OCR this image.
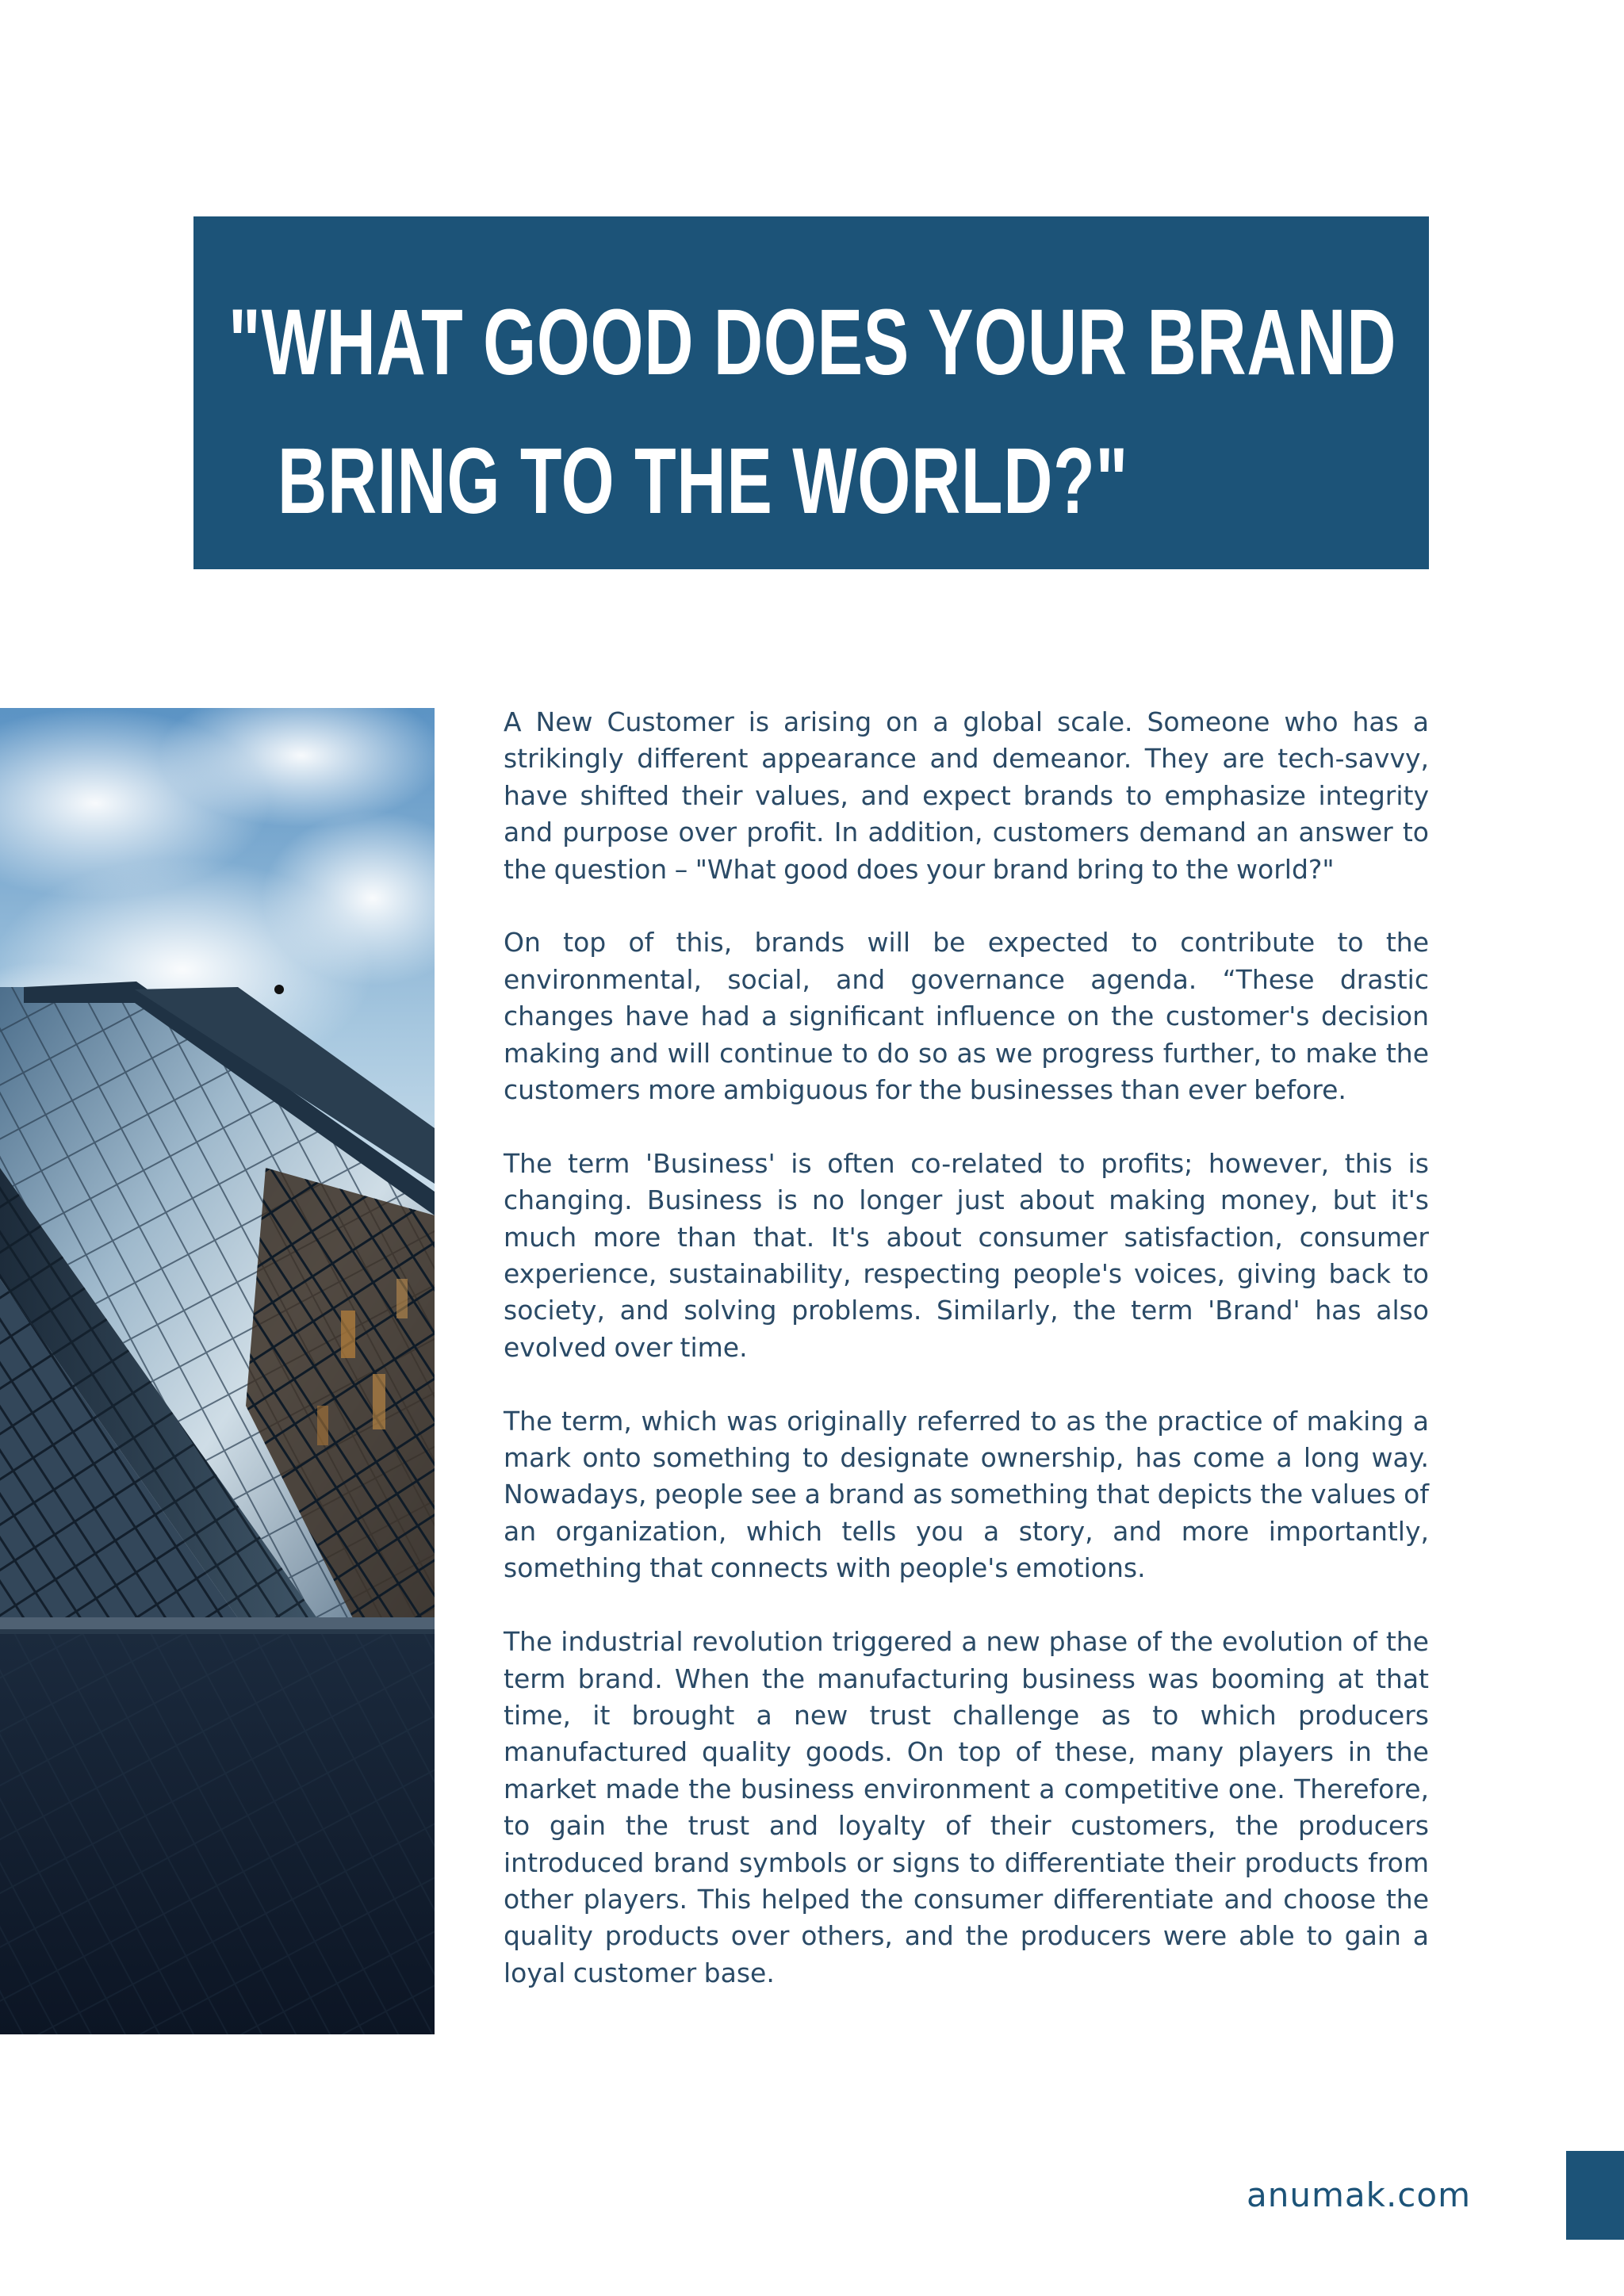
"WHAT GOOD DOES YOUR BRAND
BRING TO THE WORLD?"

A New Customer is arising on a global scale. Someone who has a strikingly different appearance and demeanor. They are tech-savvy, have shifted their values, and expect brands to emphasize integrity and purpose over profit. In addition, customers demand an answer to the question – "What good does your brand bring to the world?"

On top of this, brands will be expected to contribute to the environmental, social, and governance agenda. “These drastic changes have had a significant influence on the customer's decision making and will continue to do so as we progress further, to make the customers more ambiguous for the businesses than ever before.

The term 'Business' is often co-related to profits; however, this is changing. Business is no longer just about making money, but it's much more than that. It's about consumer satisfaction, consumer experience, sustainability, respecting people's voices, giving back to society, and solving problems. Similarly, the term 'Brand' has also evolved over time.

The term, which was originally referred to as the practice of making a mark onto something to designate ownership, has come a long way. Nowadays, people see a brand as something that depicts the values of an organization, which tells you a story, and more importantly, something that connects with people's emotions.

The industrial revolution triggered a new phase of the evolution of the term brand. When the manufacturing business was booming at that time, it brought a new trust challenge as to which producers manufactured quality goods. On top of these, many players in the market made the business environment a competitive one. Therefore, to gain the trust and loyalty of their customers, the producers introduced brand symbols or signs to differentiate their products from other players. This helped the consumer differentiate and choose the quality products over others, and the producers were able to gain a loyal customer base.

anumak.com
